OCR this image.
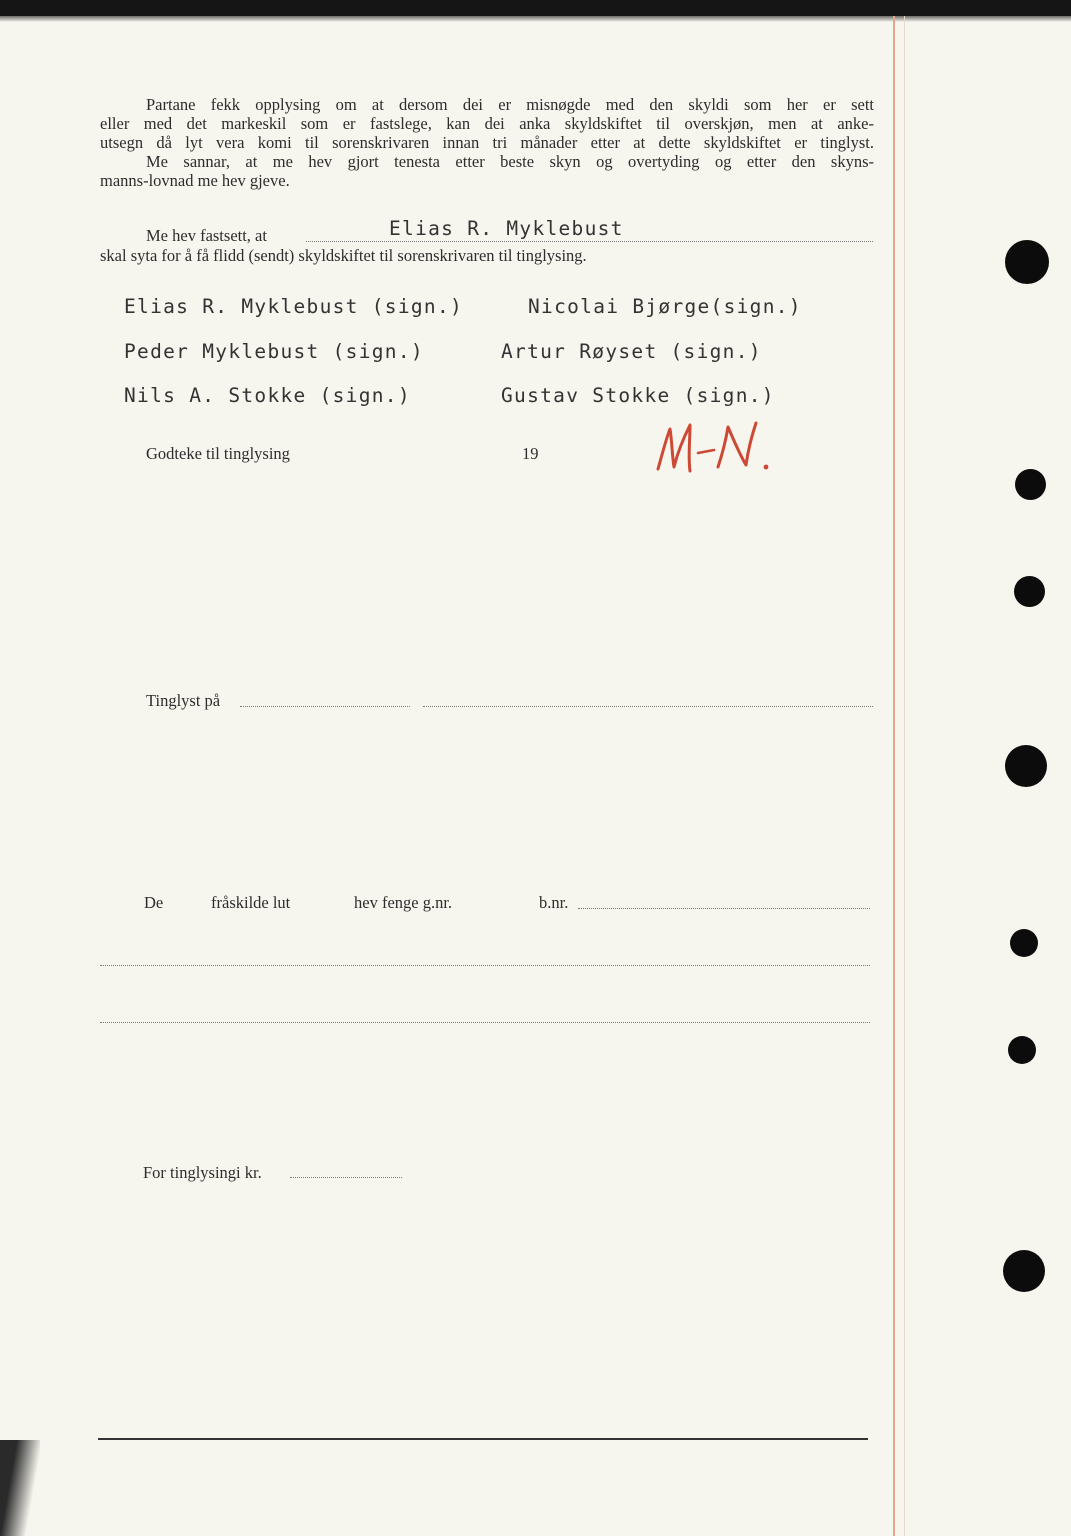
Partane fekk opplysing om at dersom dei er misnøgde med den skyldi som her er sett
eller med det markeskil som er fastslege, kan dei anka skyldskiftet til overskjøn, men at anke-
utsegn då lyt vera komi til sorenskrivaren innan tri månader etter at dette skyldskiftet er tinglyst.
Me sannar, at me hev gjort tenesta etter beste skyn og overtyding og etter den skyns-
manns-lovnad me hev gjeve.
Me hev fastsett, at	Elias R. Myklebust
skal syta for å få flidd (sendt) skyldskiftet til sorenskrivaren til tinglysing.
Elias R. Myklebust (sign.)	Nicolai Bjørge(sign.)
Peder Myklebust (sign.)	Artur Røyset (sign.)
Nils A. Stokke (sign.)	Gustav Stokke (sign.)
Godteke til tinglysing	19
Tinglyst på
De	fråskilde lut	hev fenge g.nr.	b.nr.
For tinglysingi kr.
